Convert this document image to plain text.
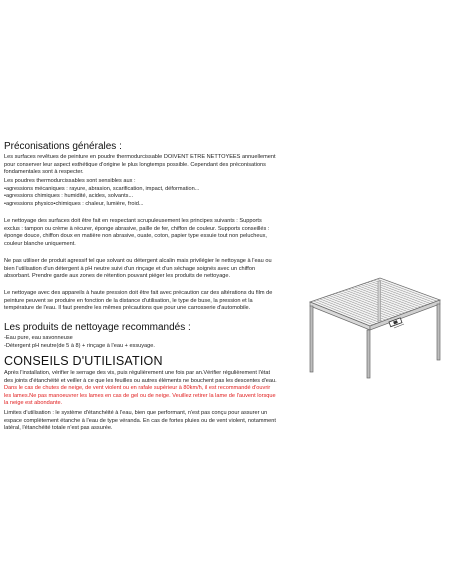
Préconisations générales :

Les surfaces revêtues de peinture en poudre thermodurcissable DOIVENT ETRE NETTOYEES annuellement
pour conserver leur aspect esthétique d'origine le plus longtemps possible. Cependant des préconisations
fondamentales sont à respecter.

Les poudres thermodurcissables sont sensibles aux :
•agressions mécaniques : rayure, abrasion, scarification, impact, déformation...
•agressions chimiques : humidité, acides, solvants...
•agressions physico•chimiques : chaleur, lumière, froid...

Le nettoyage des surfaces doit être fait en respectant scrupuleusement les principes suivants : Supports
exclus : tampon ou crème à récurer, éponge abrasive, paille de fer, chiffon de couleur. Supports conseillés :
éponge douce, chiffon doux en matière non abrasive, ouate, coton, papier type essuie tout non pelucheux,
couleur blanche uniquement.

Ne pas utiliser de produit agressif tel que solvant ou détergent alcalin mais privilégier le nettoyage à l'eau ou
bien l'utilisation d'un détergent à pH neutre suivi d'un rinçage et d'un séchage soignés avec un chiffon
absorbant. Prendre garde aux zones de rétention pouvant piéger les produits de nettoyage.

Le nettoyage avec des appareils à haute pression doit être fait avec précaution car des altérations du film de
peinture peuvent se produire en fonction de la distance d'utilisation, le type de buse, la pression et la
température de l'eau. Il faut prendre les mêmes précautions que pour une carrosserie d'automobile.

Les produits de nettoyage recommandés :

-Eau pure, eau savonneuse
-Détergent pH neutre(de 5 à 8) + rinçage à l'eau + essuyage.

CONSEILS D'UTILISATION

Après l'installation, vérifier le serrage des vis, puis régulièrement une fois par an.Vérifier régulièrement l'état
des joints d'étanchéité et veiller à ce que les feuilles ou autres éléments ne bouchent pas les descentes d'eau.
Dans le cas de chutes de neige, de vent violent ou en rafale supérieur à 80km/h, il est recommandé d'ouvrir
les lames.Ne pas manoeuvrer les lames en cas de gel ou de neige. Veuillez retirer la lame de l'auvent lorsque
la neige est abondante.

Limites d'utilisation : le système d'étanchéité à l'eau, bien que performant, n'est pas conçu pour assurer un
espace complètement étanche à l'eau de type véranda. En cas de fortes pluies ou de vent violent, notamment
latéral, l'étanchéité totale n'est pas assurée.
